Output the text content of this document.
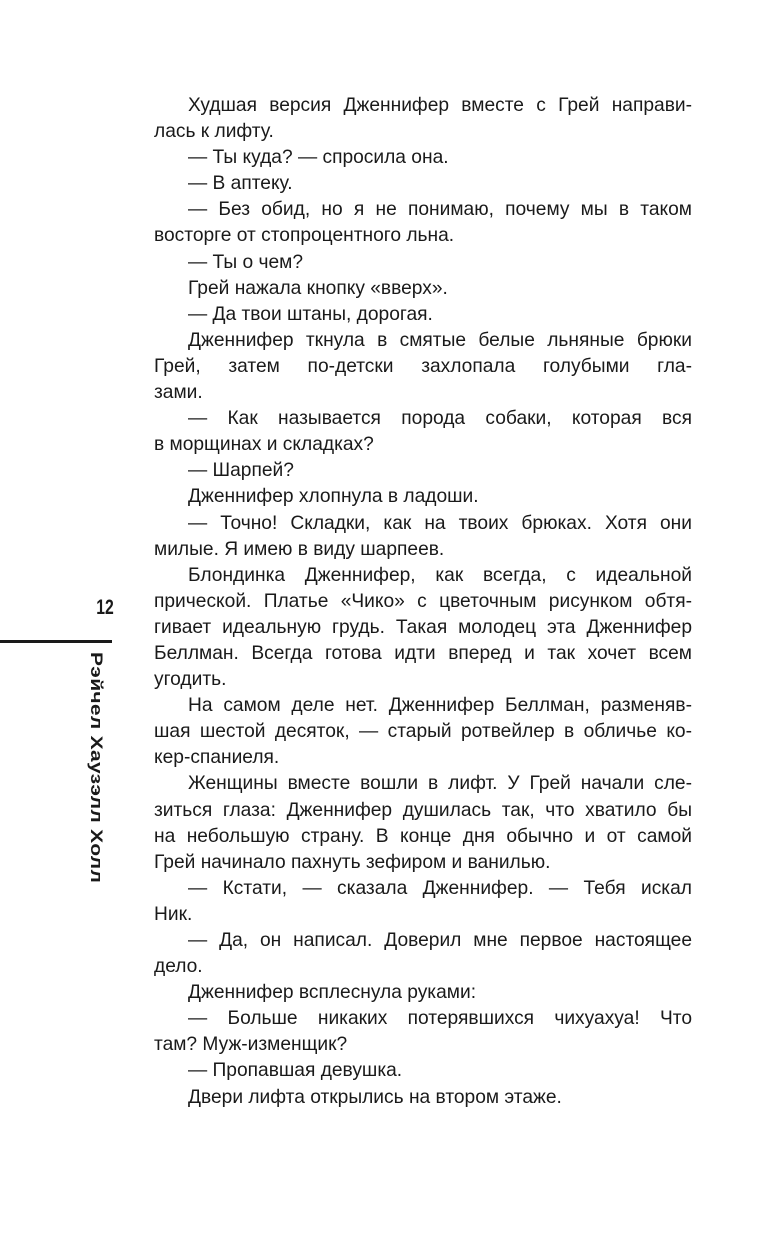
Худшая версия Дженнифер вместе с Грей направи-
лась к лифту.
— Ты куда? — спросила она.
— В аптеку.
— Без обид, но я не понимаю, почему мы в таком
восторге от стопроцентного льна.
— Ты о чем?
Грей нажала кнопку «вверх».
— Да твои штаны, дорогая.
Дженнифер ткнула в смятые белые льняные брюки
Грей, затем по-детски захлопала голубыми гла-
зами.
— Как называется порода собаки, которая вся
в морщинах и складках?
— Шарпей?
Дженнифер хлопнула в ладоши.
— Точно! Складки, как на твоих брюках. Хотя они
милые. Я имею в виду шарпеев.
Блондинка Дженнифер, как всегда, с идеальной
прической. Платье «Чико» с цветочным рисунком обтя-
гивает идеальную грудь. Такая молодец эта Дженнифер
Беллман. Всегда готова идти вперед и так хочет всем
угодить.
На самом деле нет. Дженнифер Беллман, разменяв-
шая шестой десяток, — старый ротвейлер в обличье ко-
кер-спаниеля.
Женщины вместе вошли в лифт. У Грей начали сле-
зиться глаза: Дженнифер душилась так, что хватило бы
на небольшую страну. В конце дня обычно и от самой
Грей начинало пахнуть зефиром и ванилью.
— Кстати, — сказала Дженнифер. — Тебя искал
Ник.
— Да, он написал. Доверил мне первое настоящее
дело.
Дженнифер всплеснула руками:
— Больше никаких потерявшихся чихуахуа! Что
там? Муж-изменщик?
— Пропавшая девушка.
Двери лифта открылись на втором этаже.
12
Рэйчел Хаузэлл Холл
